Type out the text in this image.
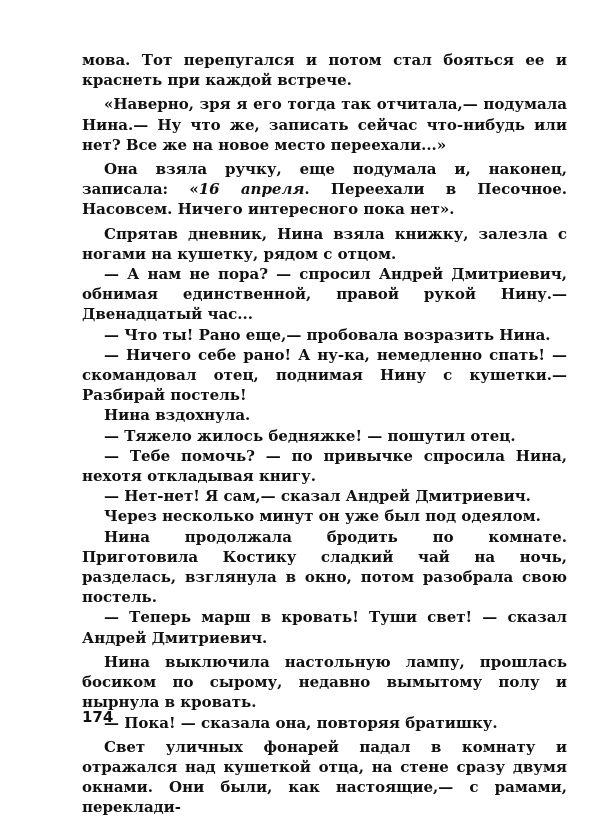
мова. Тот перепугался и потом стал бояться ее и краснеть при каждой встрече.

«Наверно, зря я его тогда так отчитала,— подумала Нина.— Ну что же, записать сейчас что-нибудь или нет? Все же на новое место переехали...»

Она взяла ручку, еще подумала и, наконец, записала: «16 апреля. Переехали в Песочное. Насовсем. Ничего интересного пока нет».

Спрятав дневник, Нина взяла книжку, залезла с ногами на кушетку, рядом с отцом.

— А нам не пора? — спросил Андрей Дмитриевич, обнимая единственной, правой рукой Нину.— Двенадцатый час...

— Что ты! Рано еще,— пробовала возразить Нина.

— Ничего себе рано! А ну-ка, немедленно спать! — скомандовал отец, поднимая Нину с кушетки.— Разбирай постель!

Нина вздохнула.

— Тяжело жилось бедняжке! — пошутил отец.

— Тебе помочь? — по привычке спросила Нина, нехотя откладывая книгу.

— Нет-нет! Я сам,— сказал Андрей Дмитриевич.

Через несколько минут он уже был под одеялом.

Нина продолжала бродить по комнате. Приготовила Костику сладкий чай на ночь, разделась, взглянула в окно, потом разобрала свою постель.

— Теперь марш в кровать! Туши свет! — сказал Андрей Дмитриевич.

Нина выключила настольную лампу, прошлась босиком по сырому, недавно вымытому полу и нырнула в кровать.

— Пока! — сказала она, повторяя братишку.

Свет уличных фонарей падал в комнату и отражался над кушеткой отца, на стене сразу двумя окнами. Они были, как настоящие,— с рамами, переклади-

174
